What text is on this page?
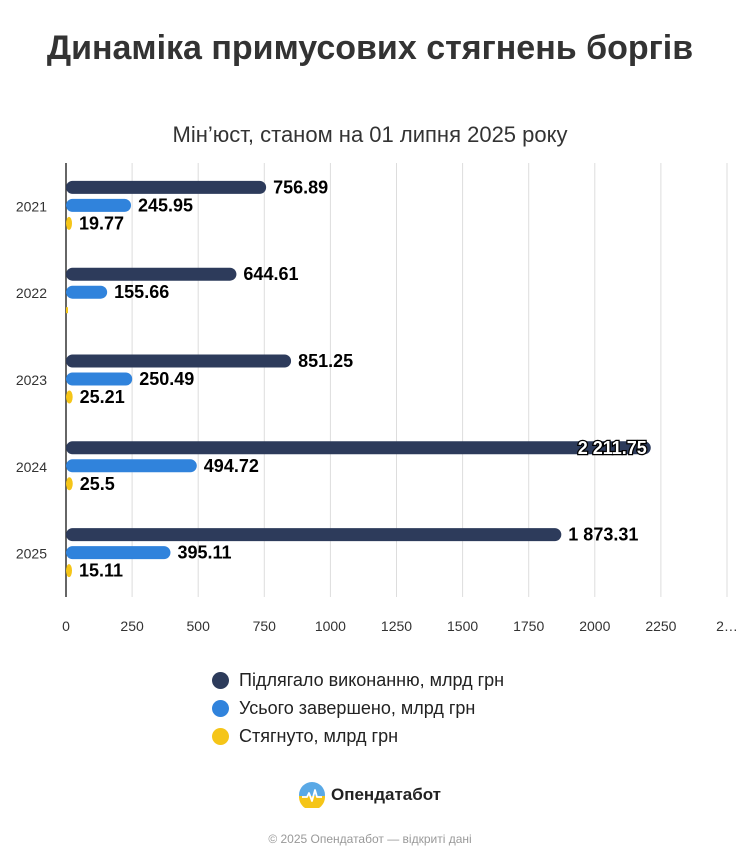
Динаміка примусових стягнень боргів
Мін’юст, станом на 01 липня 2025 року
0	250	500	750	1000 1250 1500 1750 2000 2250	2…
2021
756.89
245.95
19.77
2022
644.61
155.66
2023
851.25
250.49
25.21
2024
2 211.75
494.72
25.5
2025
1 873.31
395.11
15.11
Підлягало виконанню, млрд грн
Усього завершено, млрд грн
Стягнуто, млрд грн
Опендатабот
© 2025 Опендатабот — відкриті дані
